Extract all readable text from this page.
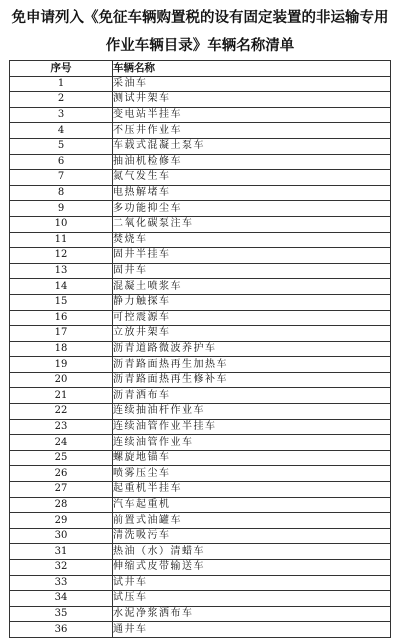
免申请列入《免征车辆购置税的设有固定装置的非运输专用
作业车辆目录》车辆名称清单
序号	车辆名称
1	采油车
2	测试井架车
3	变电站半挂车
4	不压井作业车
5	车载式混凝土泵车
6	抽油机检修车
7	氮气发生车
8	电热解堵车
9	多功能抑尘车
10	二氧化碳泵注车
11	焚烧车
12	固井半挂车
13	固井车
14	混凝土喷浆车
15	静力触探车
16	可控震源车
17	立放井架车
18	沥青道路微波养护车
19	沥青路面热再生加热车
20	沥青路面热再生修补车
21	沥青洒布车
22	连续抽油杆作业车
23	连续油管作业半挂车
24	连续油管作业车
25	螺旋地锚车
26	喷雾压尘车
27	起重机半挂车
28	汽车起重机
29	前置式油罐车
30	清洗吸污车
31	热油（水）清蜡车
32	伸缩式皮带输送车
33	试井车
34	试压车
35	水泥净浆洒布车
36	通井车
